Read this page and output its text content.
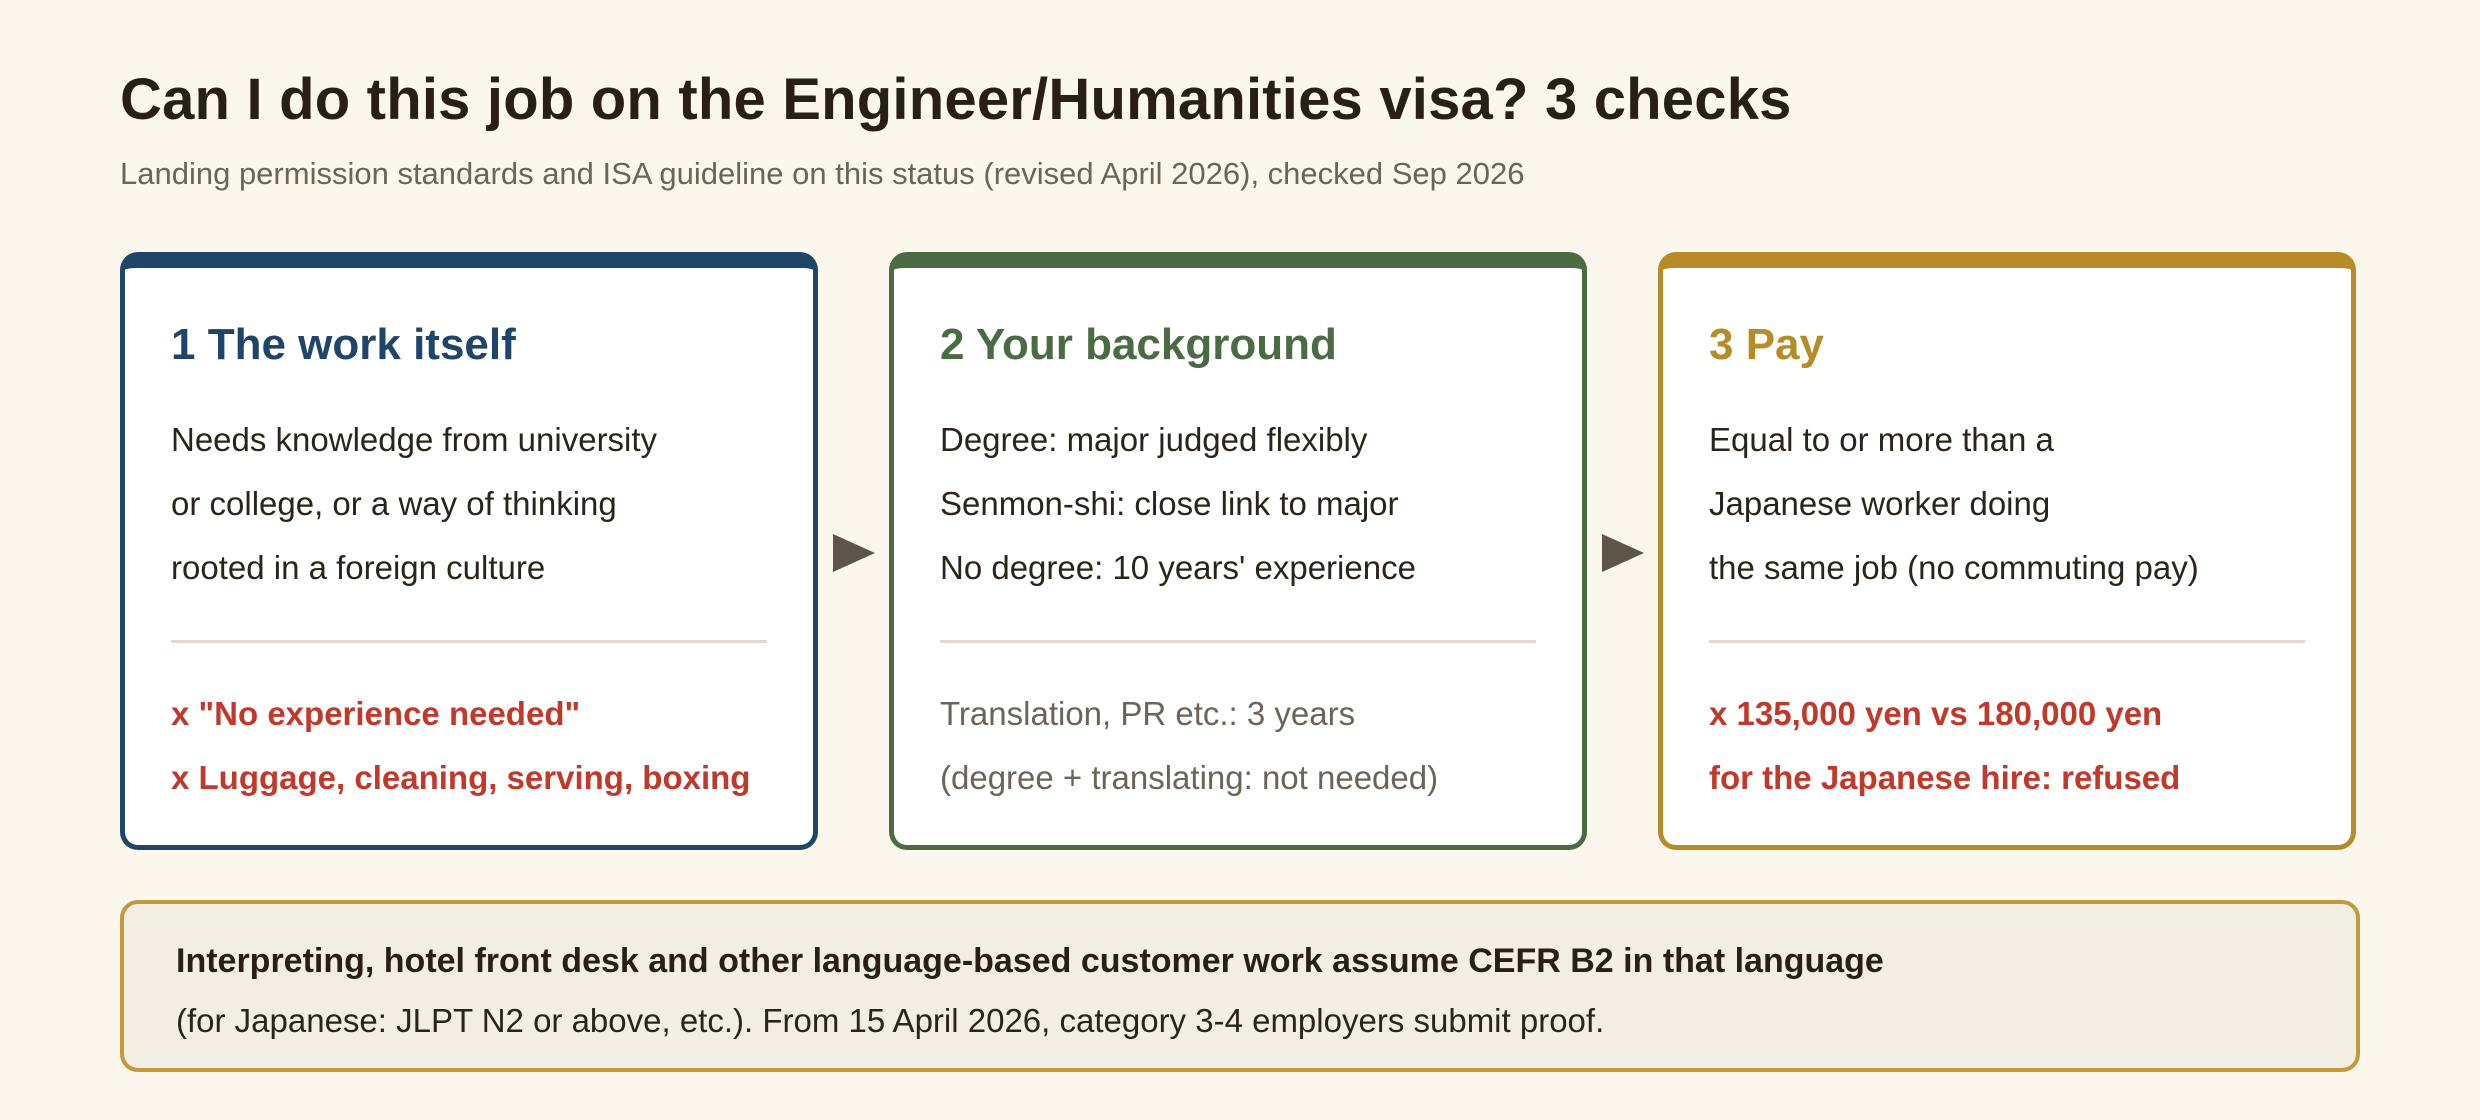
Can I do this job on the Engineer/Humanities visa? 3 checks
Landing permission standards and ISA guideline on this status (revised April 2026), checked Sep 2026
1 The work itself
Needs knowledge from university
or college, or a way of thinking
rooted in a foreign culture
x "No experience needed"
x Luggage, cleaning, serving, boxing
2 Your background
Degree: major judged flexibly
Senmon-shi: close link to major
No degree: 10 years' experience
Translation, PR etc.: 3 years
(degree + translating: not needed)
3 Pay
Equal to or more than a
Japanese worker doing
the same job (no commuting pay)
x 135,000 yen vs 180,000 yen
for the Japanese hire: refused
Interpreting, hotel front desk and other language-based customer work assume CEFR B2 in that language
(for Japanese: JLPT N2 or above, etc.). From 15 April 2026, category 3-4 employers submit proof.
